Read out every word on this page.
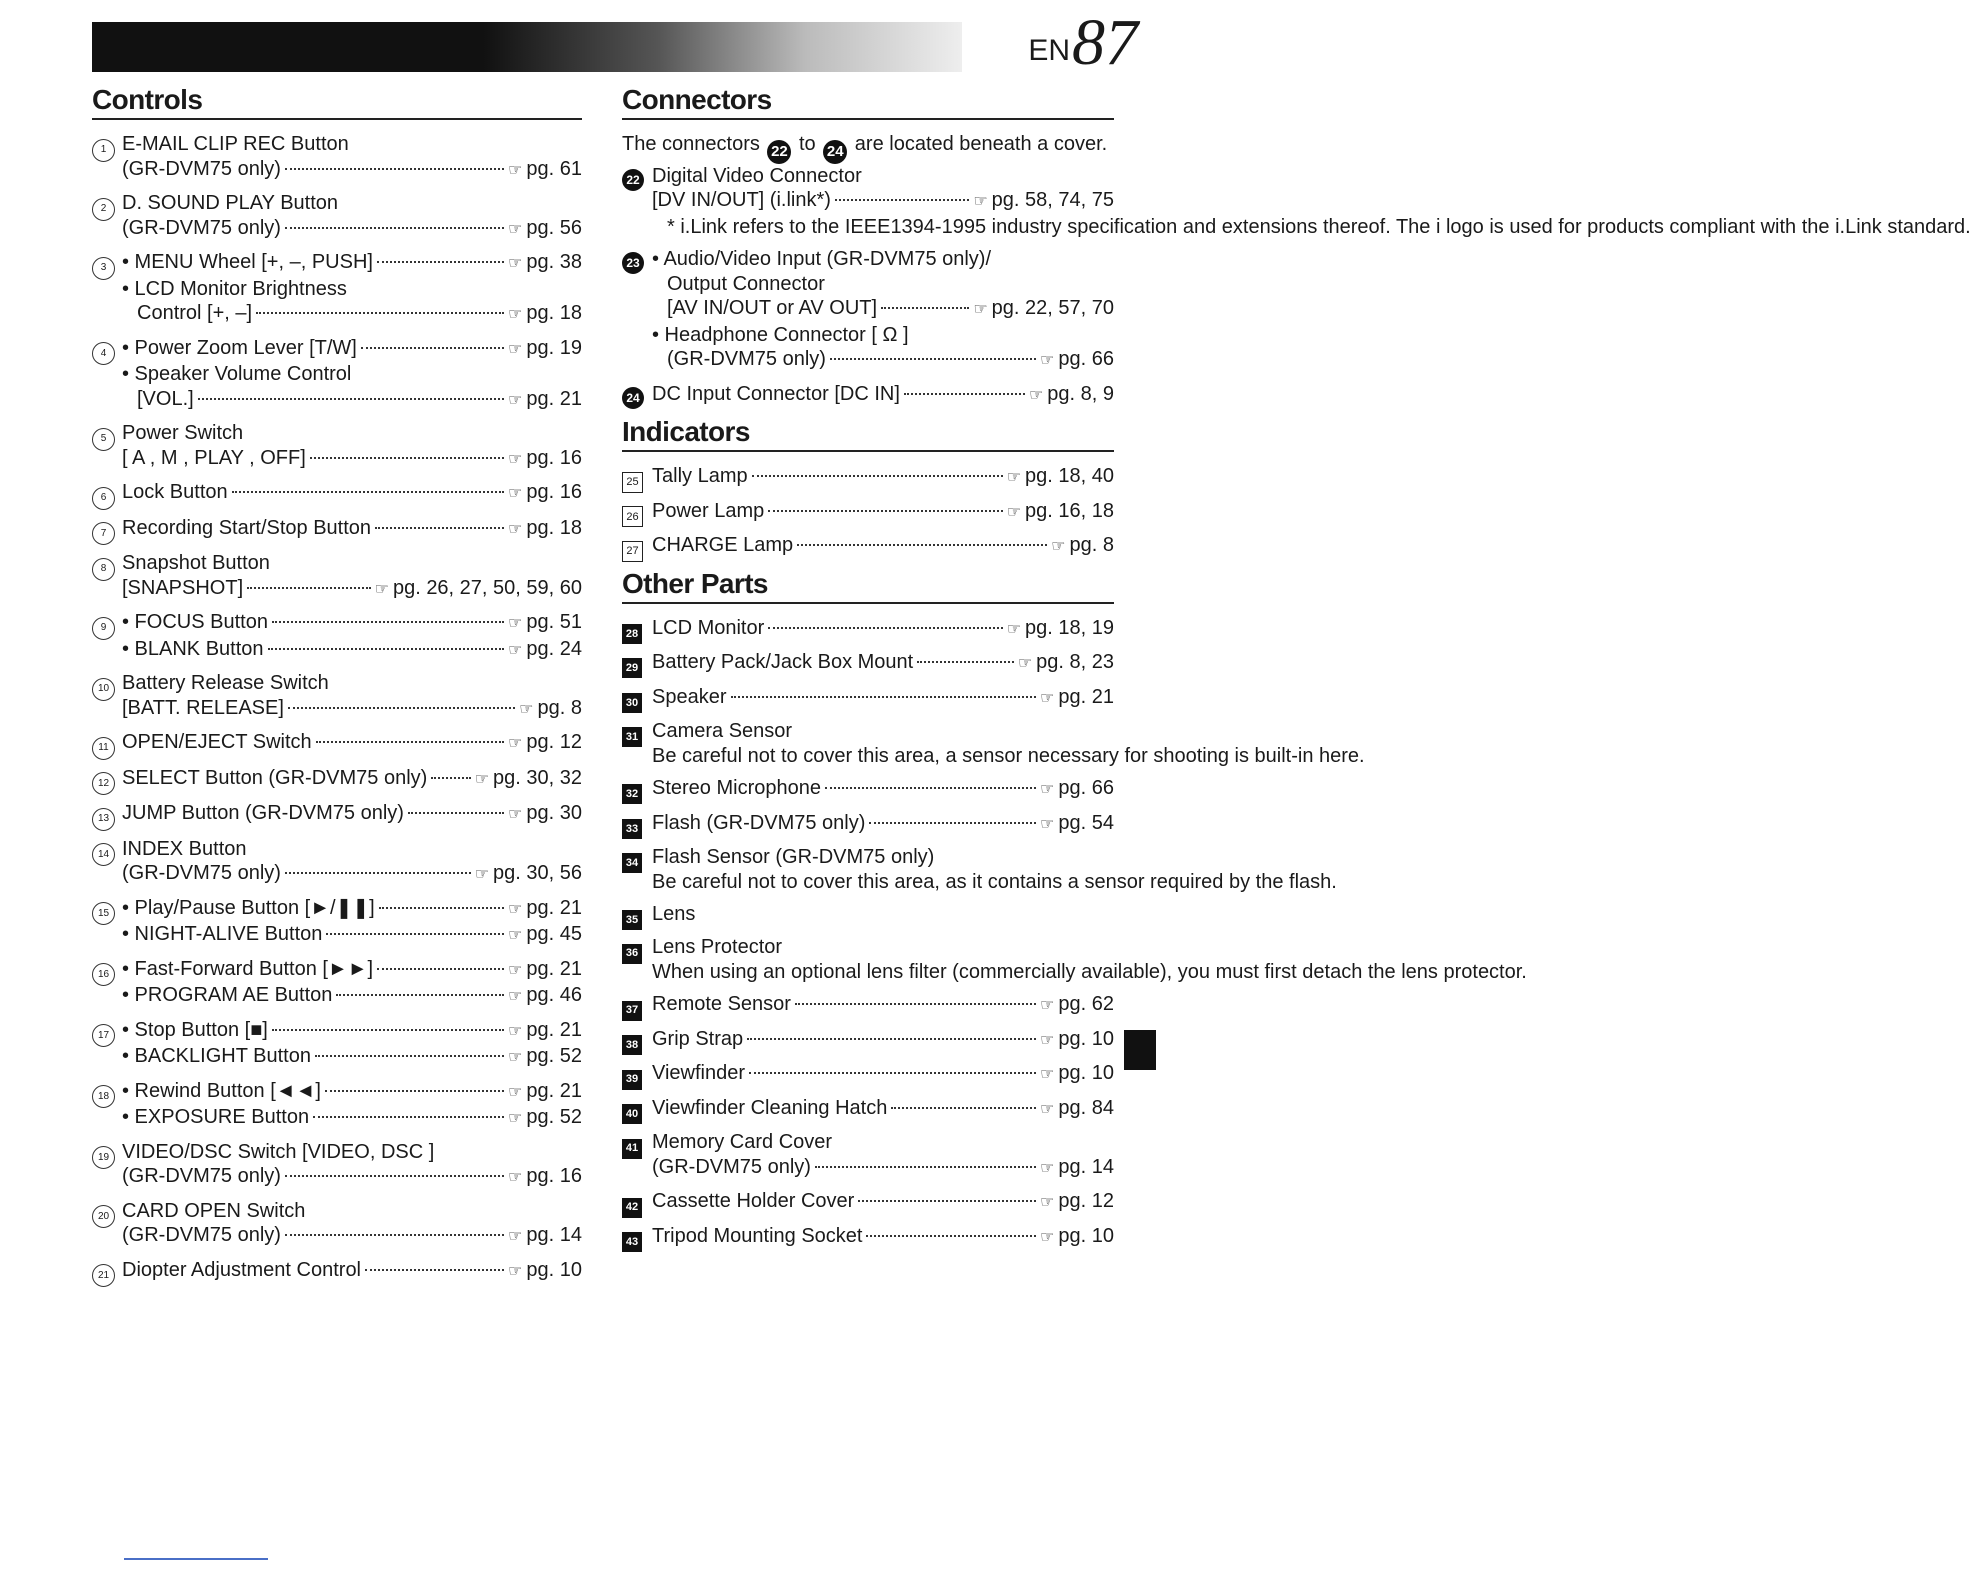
EN 87
Controls
1 E-MAIL CLIP REC Button
(GR-DVM75 only)	☞ pg. 61
2 D. SOUND PLAY Button
(GR-DVM75 only)	☞ pg. 56
3 • MENU Wheel [+, –, PUSH]	☞ pg. 38
• LCD Monitor Brightness
Control [+, –]	☞ pg. 18
4 • Power Zoom Lever [T/W]	☞ pg. 19
• Speaker Volume Control
[VOL.]	☞ pg. 21
5 Power Switch
[ A , M , PLAY , OFF]	☞ pg. 16
6 Lock Button	☞ pg. 16
7 Recording Start/Stop Button	☞ pg. 18
8 Snapshot Button
[SNAPSHOT]	☞ pg. 26, 27, 50, 59, 60
9 • FOCUS Button	☞ pg. 51
• BLANK Button	☞ pg. 24
10 Battery Release Switch
[BATT. RELEASE]	☞ pg. 8
11 OPEN/EJECT Switch	☞ pg. 12
12 SELECT Button (GR-DVM75 only)	☞ pg. 30, 32
13 JUMP Button (GR-DVM75 only)	☞ pg. 30
14 INDEX Button
(GR-DVM75 only)	☞ pg. 30, 56
15 • Play/Pause Button [►/❚❚]	☞ pg. 21
• NIGHT-ALIVE Button	☞ pg. 45
16 • Fast-Forward Button [►►]	☞ pg. 21
• PROGRAM AE Button	☞ pg. 46
17 • Stop Button [■]	☞ pg. 21
• BACKLIGHT Button	☞ pg. 52
18 • Rewind Button [◄◄]	☞ pg. 21
• EXPOSURE Button	☞ pg. 52
19 VIDEO/DSC Switch [VIDEO, DSC ]
(GR-DVM75 only)	☞ pg. 16
20 CARD OPEN Switch
(GR-DVM75 only)	☞ pg. 14
21 Diopter Adjustment Control	☞ pg. 10
Connectors
The connectors 22 to 24 are located beneath a cover.
22 Digital Video Connector
[DV IN/OUT] (i.link*)	☞ pg. 58, 74, 75
* i.Link refers to the IEEE1394-1995 industry specification and extensions thereof. The i logo is used for products compliant with the i.Link standard.
23 • Audio/Video Input (GR-DVM75 only)/
Output Connector
[AV IN/OUT or AV OUT]	☞ pg. 22, 57, 70
• Headphone Connector [ Ω ]
(GR-DVM75 only)	☞ pg. 66
24 DC Input Connector [DC IN]	☞ pg. 8, 9
Indicators
25 Tally Lamp	☞ pg. 18, 40
26 Power Lamp	☞ pg. 16, 18
27 CHARGE Lamp	☞ pg. 8
Other Parts
28 LCD Monitor	☞ pg. 18, 19
29 Battery Pack/Jack Box Mount	☞ pg. 8, 23
30 Speaker	☞ pg. 21
31 Camera Sensor
Be careful not to cover this area, a sensor necessary for shooting is built-in here.
32 Stereo Microphone	☞ pg. 66
33 Flash (GR-DVM75 only)	☞ pg. 54
34 Flash Sensor (GR-DVM75 only)
Be careful not to cover this area, as it contains a sensor required by the flash.
35 Lens
36 Lens Protector
When using an optional lens filter (commercially available), you must first detach the lens protector.
37 Remote Sensor	☞ pg. 62
38 Grip Strap	☞ pg. 10
39 Viewfinder	☞ pg. 10
40 Viewfinder Cleaning Hatch	☞ pg. 84
41 Memory Card Cover
(GR-DVM75 only)	☞ pg. 14
42 Cassette Holder Cover	☞ pg. 12
43 Tripod Mounting Socket	☞ pg. 10
